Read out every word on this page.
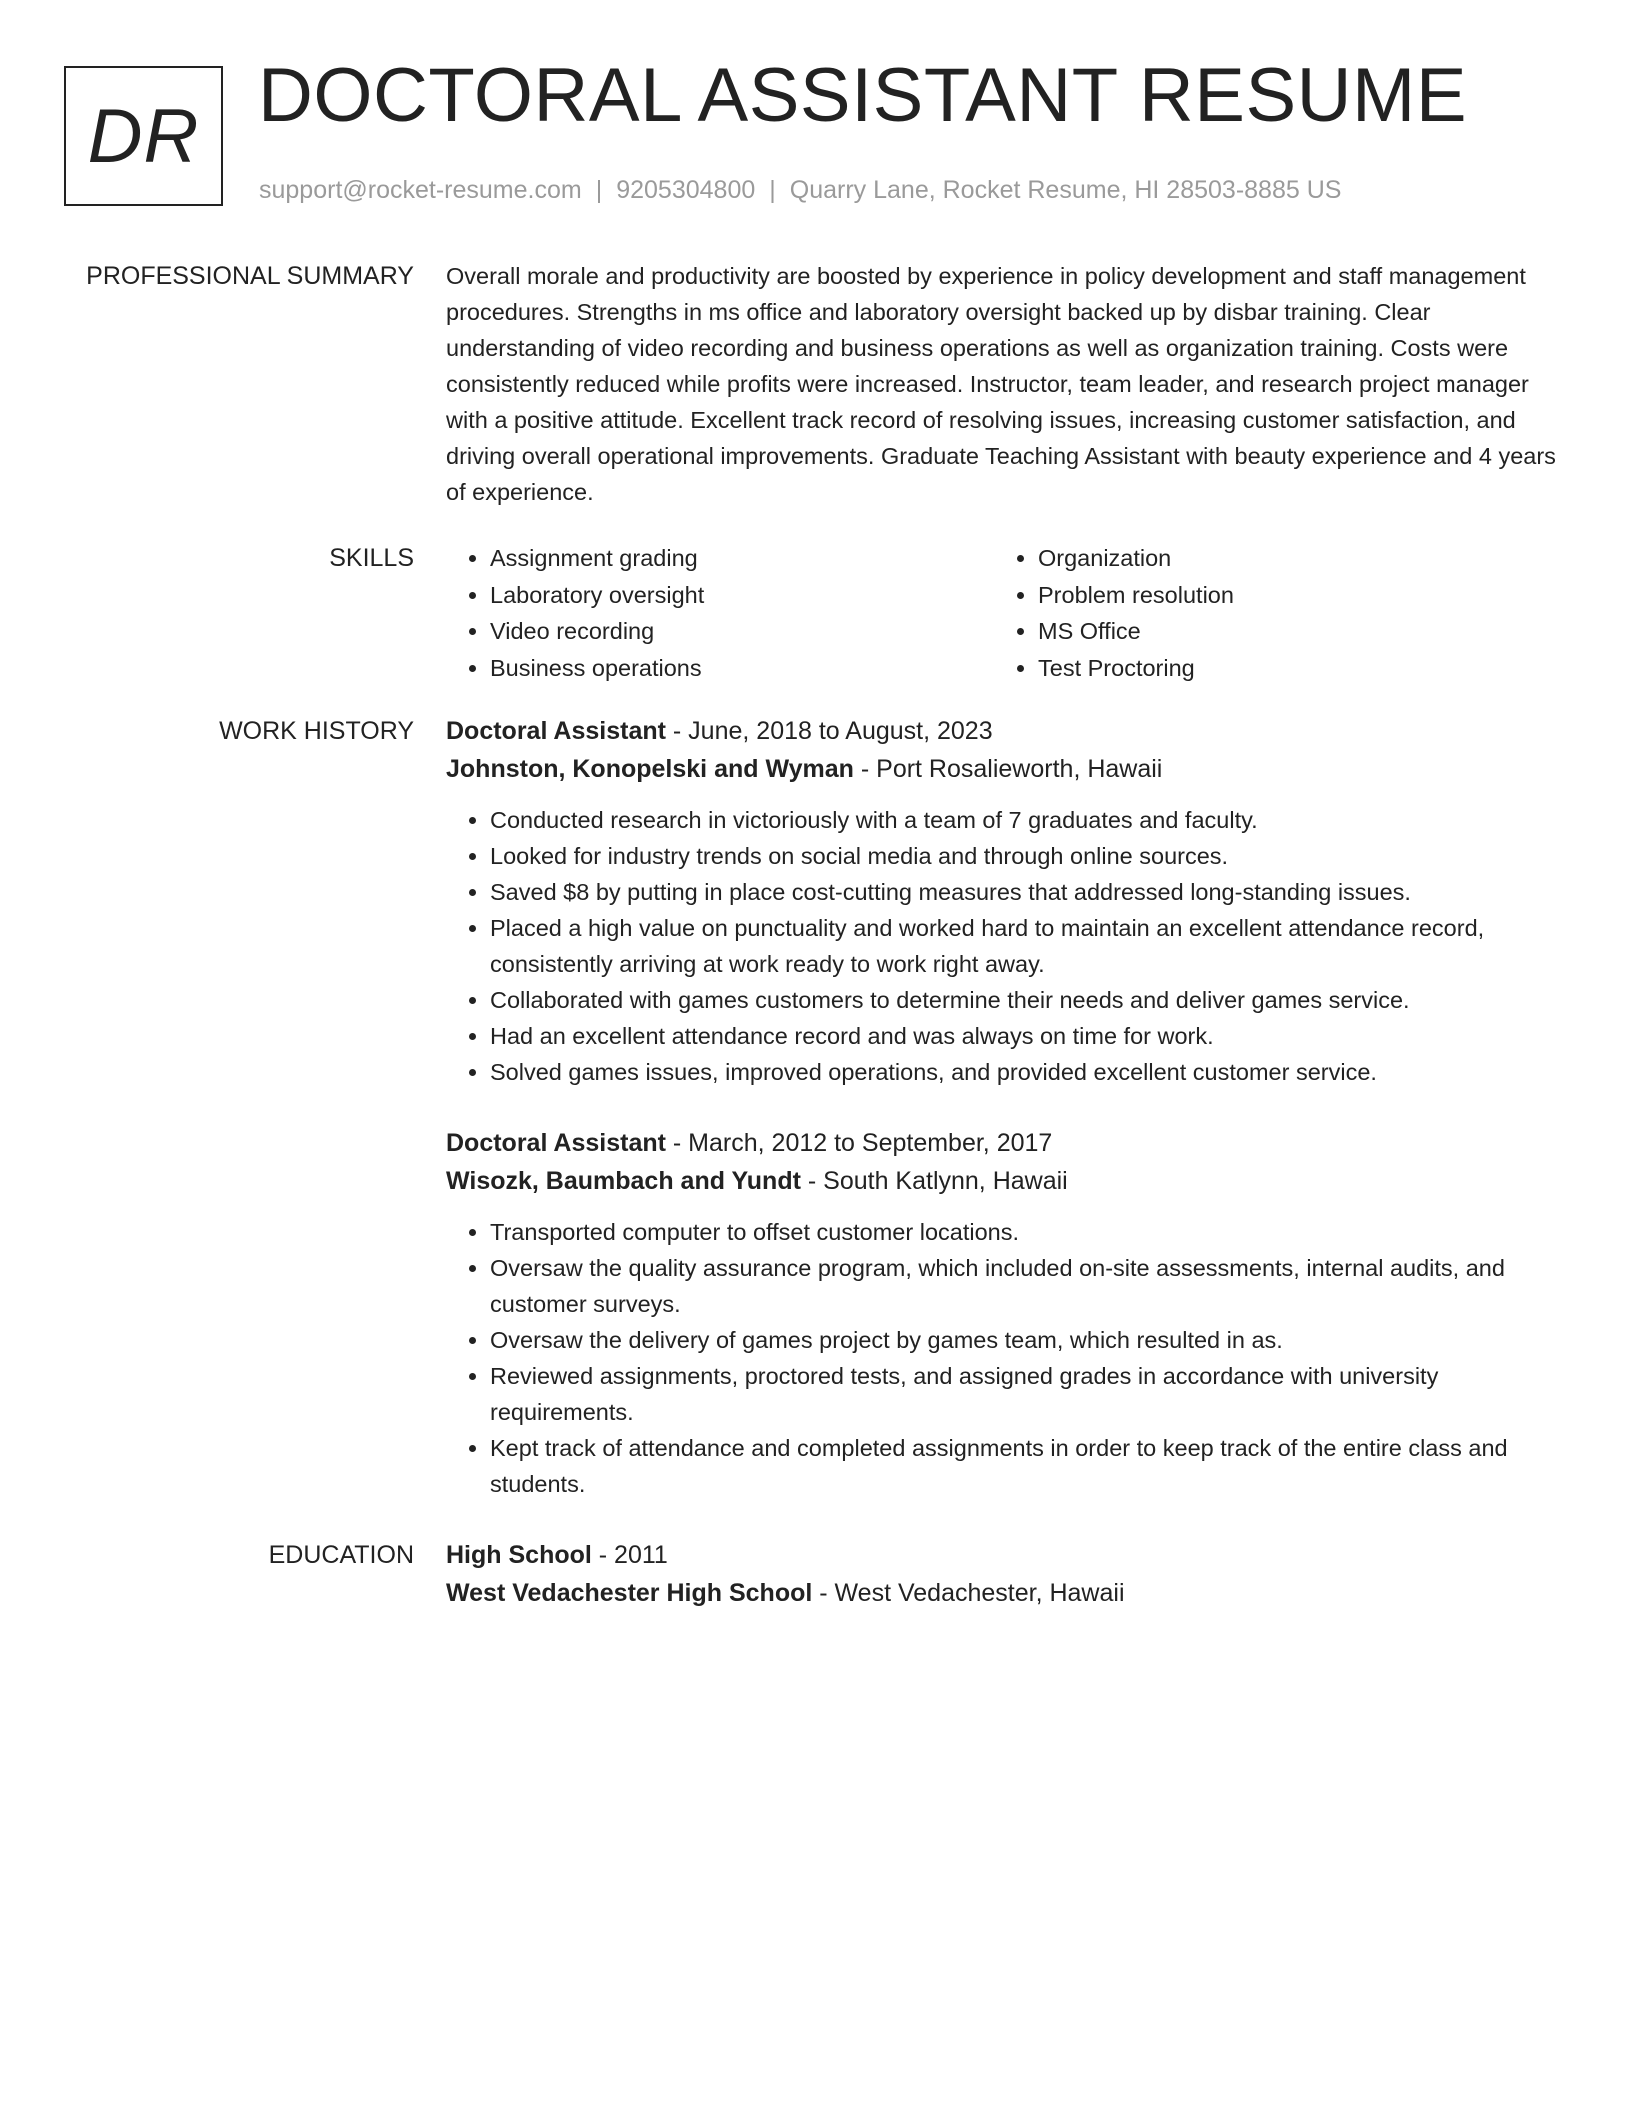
DR DOCTORAL ASSISTANT RESUME
support@rocket-resume.com | 9205304800 | Quarry Lane, Rocket Resume, HI 28503-8885 US
PROFESSIONAL SUMMARY Overall morale and productivity are boosted by experience in policy development and staff management procedures. Strengths in ms office and laboratory oversight backed up by disbar training. Clear understanding of video recording and business operations as well as organization training. Costs were consistently reduced while profits were increased. Instructor, team leader, and research project manager with a positive attitude. Excellent track record of resolving issues, increasing customer satisfaction, and driving overall operational improvements. Graduate Teaching Assistant with beauty experience and 4 years of experience.
SKILLS
•	Assignment grading
• Laboratory oversight
• Video recording
• Business operations
• Organization
• Problem resolution
• MS Office
• Test Proctoring
WORK HISTORY Doctoral Assistant - June, 2018 to August, 2023
Johnston, Konopelski and Wyman - Port Rosalieworth, Hawaii
• Conducted research in victoriously with a team of 7 graduates and faculty.
• Looked for industry trends on social media and through online sources.
• Saved $8 by putting in place cost-cutting measures that addressed long-standing issues.
• Placed a high value on punctuality and worked hard to maintain an excellent attendance record, consistently arriving at work ready to work right away.
• Collaborated with games customers to determine their needs and deliver games service.
• Had an excellent attendance record and was always on time for work.
• Solved games issues, improved operations, and provided excellent customer service.
Doctoral Assistant - March, 2012 to September, 2017
Wisozk, Baumbach and Yundt - South Katlynn, Hawaii
• Transported computer to offset customer locations.
• Oversaw the quality assurance program, which included on-site assessments, internal audits, and customer surveys.
• Oversaw the delivery of games project by games team, which resulted in as.
• Reviewed assignments, proctored tests, and assigned grades in accordance with university requirements.
• Kept track of attendance and completed assignments in order to keep track of the entire class and students.
EDUCATION High School - 2011
West Vedachester High School - West Vedachester, Hawaii
